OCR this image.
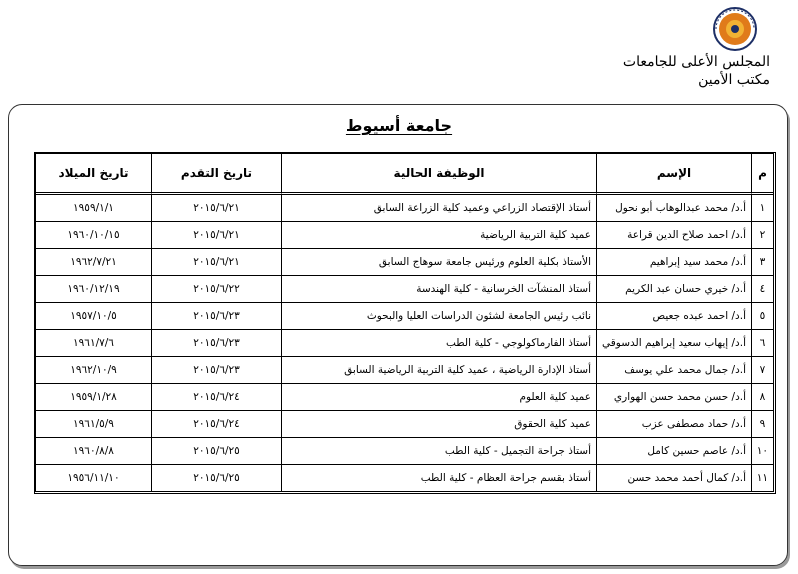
المجلس الأعلى للجامعات
مكتب الأمين
جامعة أسيوط
م	الإسم	الوظيفة الحالية	تاريخ التقدم	تاريخ الميلاد
١	أ.د/ محمد عبدالوهاب أبو نحول	أستاذ الإقتصاد الزراعي وعميد كلية الزراعة السابق	٢٠١٥/٦/٢١	١٩٥٩/١/١
٢	أ.د/ احمد صلاح الدين قراعة	عميد كلية التربية الرياضية	٢٠١٥/٦/٢١	١٩٦٠/١٠/١٥
٣	أ.د/ محمد سيد إبراهيم	الأستاذ بكلية العلوم ورئيس جامعة سوهاج السابق	٢٠١٥/٦/٢١	١٩٦٢/٧/٢١
٤	أ.د/ خيري حسان عبد الكريم	أستاذ المنشآت الخرسانية - كلية الهندسة	٢٠١٥/٦/٢٢	١٩٦٠/١٢/١٩
٥	أ.د/ احمد عبده جعيص	نائب رئيس الجامعة لشئون الدراسات العليا والبحوث	٢٠١٥/٦/٢٣	١٩٥٧/١٠/٥
٦	أ.د/ إيهاب سعيد إبراهيم الدسوقي	أستاذ الفارماكولوجي - كلية الطب	٢٠١٥/٦/٢٣	١٩٦١/٧/٦
٧	أ.د/ جمال محمد علي يوسف	أستاذ الإدارة الرياضية ، عميد كلية التربية الرياضية السابق	٢٠١٥/٦/٢٣	١٩٦٢/١٠/٩
٨	أ.د/ حسن محمد حسن الهواري	عميد كلية العلوم	٢٠١٥/٦/٢٤	١٩٥٩/١/٢٨
٩	أ.د/ حماد مصطفى عزب	عميد كلية الحقوق	٢٠١٥/٦/٢٤	١٩٦١/٥/٩
١٠	أ.د/ عاصم حسين كامل	أستاذ جراحة التجميل - كلية الطب	٢٠١٥/٦/٢٥	١٩٦٠/٨/٨
١١	أ.د/ كمال أحمد محمد حسن	أستاذ بقسم جراحة العظام - كلية الطب	٢٠١٥/٦/٢٥	١٩٥٦/١١/١٠
